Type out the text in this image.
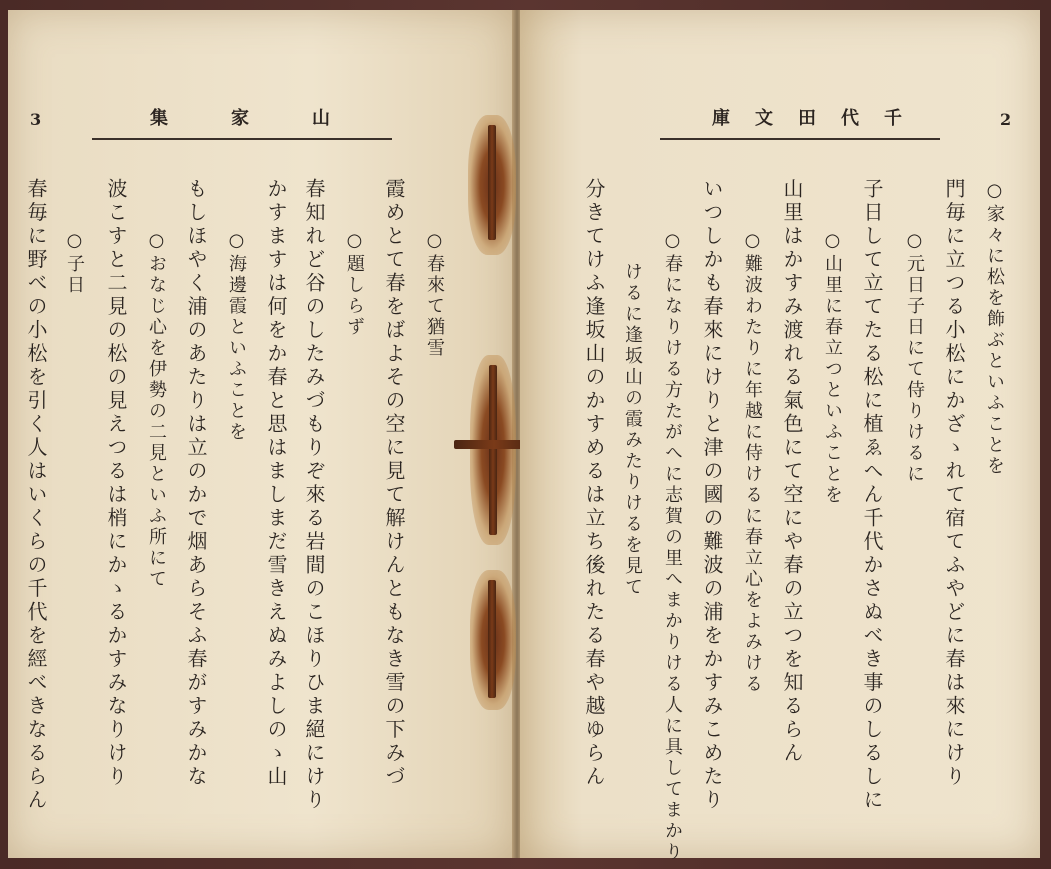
3	集	家	山
春毎に野べの小松を引く人はいくらの千代を經べきなるらん ○子日 波こすと二見の松の見えつるは梢にかゝるかすみなりけり ○おなじ心を伊勢の二見といふ所にて もしほやく浦のあたりは立のかで烟あらそふ春がすみかな ○海邊霞といふことを かすますは何をか春と思はましまだ雪きえぬみよしのゝ山 春知れど谷のしたみづもりぞ來る岩間のこほりひま絕にけり ○題しらず 霞めとて春をばよその空に見て解けんともなき雪の下みづ ○春來て猶雪
2
庫 文 田 代 千
○家々に松を飾ぶといふことを
門毎に立つる小松にかざゝれて宿てふやどに春は來にけり
○元日子日にて侍りけるに
子日して立てたる松に植ゑへん千代かさぬべき事のしるしに
○山里に春立つといふことを
山里はかすみ渡れる氣色にて空にや春の立つを知るらん
○難波わたりに年越に侍けるに春立心をよみける
いつしかも春來にけりと津の國の難波の浦をかすみこめたり
○春になりける方たがへに志賀の里へまかりける人に具してまかり
けるに逢坂山の霞みたりけるを見て
分きてけふ逢坂山のかすめるは立ち後れたる春や越ゆらん
